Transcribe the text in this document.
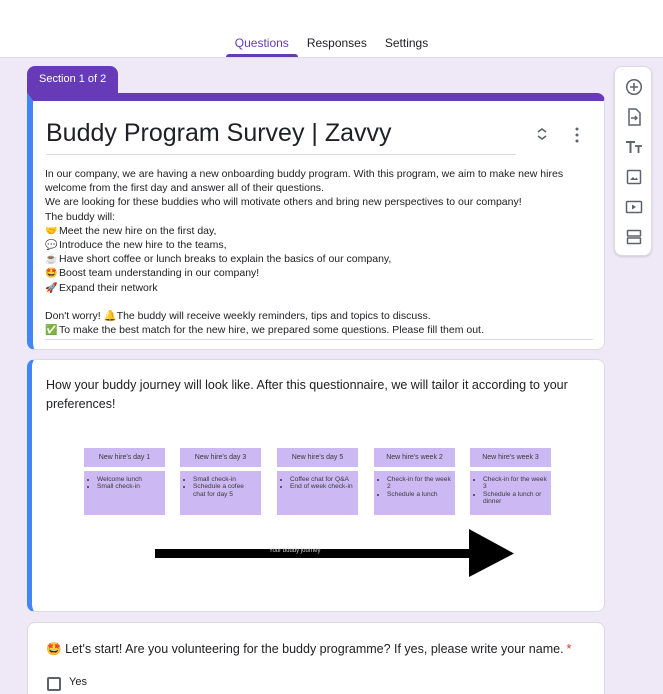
Questions	Responses	Settings
Section 1 of 2
Buddy Program Survey | Zavvy

In our company, we are having a new onboarding buddy program. With this program, we aim to make new hires

welcome from the first day and answer all of their questions.

We are looking for these buddies who will motivate others and bring new perspectives to our company!

The buddy will:

🤝 Meet the new hire on the first day,

💬 Introduce the new hire to the teams,

☕ Have short coffee or lunch breaks to explain the basics of our company,

🤩 Boost team understanding in our company!

🚀 Expand their network

Don't worry! 🔔The buddy will receive weekly reminders, tips and topics to discuss.

✅ To make the best match for the new hire, we prepared some questions. Please fill them out.

How your buddy journey will look like. After this questionnaire, we will tailor it according to your preferences!
New hire's day 1
• Welcome lunch
• Small check-in
New hire's day 3
• Small check-in
• Schedule a cofee chat for day 5
New hire's day 5
• Coffee chat for Q&A
• End of week check-in
New hire's week 2
• Check-in for the week 2
• Schedule a lunch
New hire's week 3
• Check-in for the week 3
• Schedule a lunch or dinner
Your buddy journey
🤩 Let's start! Are you volunteering for the buddy programme? If yes, please write your name. *
Yes
